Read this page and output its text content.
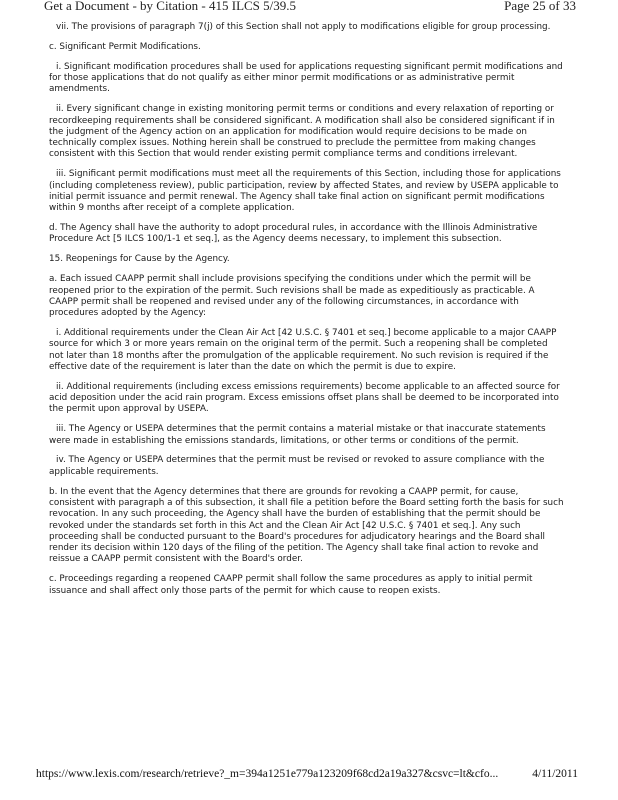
Get a Document - by Citation - 415 ILCS 5/39.5	Page 25 of 33

vii. The provisions of paragraph 7(j) of this Section shall not apply to modifications eligible for group processing.

c. Significant Permit Modifications.

i. Significant modification procedures shall be used for applications requesting significant permit modifications and for those applications that do not qualify as either minor permit modifications or as administrative permit amendments.

ii. Every significant change in existing monitoring permit terms or conditions and every relaxation of reporting or recordkeeping requirements shall be considered significant. A modification shall also be considered significant if in the judgment of the Agency action on an application for modification would require decisions to be made on technically complex issues. Nothing herein shall be construed to preclude the permittee from making changes consistent with this Section that would render existing permit compliance terms and conditions irrelevant.

iii. Significant permit modifications must meet all the requirements of this Section, including those for applications (including completeness review), public participation, review by affected States, and review by USEPA applicable to initial permit issuance and permit renewal. The Agency shall take final action on significant permit modifications within 9 months after receipt of a complete application.

d. The Agency shall have the authority to adopt procedural rules, in accordance with the Illinois Administrative Procedure Act [5 ILCS 100/1-1 et seq.], as the Agency deems necessary, to implement this subsection.

15. Reopenings for Cause by the Agency.

a. Each issued CAAPP permit shall include provisions specifying the conditions under which the permit will be reopened prior to the expiration of the permit. Such revisions shall be made as expeditiously as practicable. A CAAPP permit shall be reopened and revised under any of the following circumstances, in accordance with procedures adopted by the Agency:

i. Additional requirements under the Clean Air Act [42 U.S.C. § 7401 et seq.] become applicable to a major CAAPP source for which 3 or more years remain on the original term of the permit. Such a reopening shall be completed not later than 18 months after the promulgation of the applicable requirement. No such revision is required if the effective date of the requirement is later than the date on which the permit is due to expire.

ii. Additional requirements (including excess emissions requirements) become applicable to an affected source for acid deposition under the acid rain program. Excess emissions offset plans shall be deemed to be incorporated into the permit upon approval by USEPA.

iii. The Agency or USEPA determines that the permit contains a material mistake or that inaccurate statements were made in establishing the emissions standards, limitations, or other terms or conditions of the permit.

iv. The Agency or USEPA determines that the permit must be revised or revoked to assure compliance with the applicable requirements.

b. In the event that the Agency determines that there are grounds for revoking a CAAPP permit, for cause, consistent with paragraph a of this subsection, it shall file a petition before the Board setting forth the basis for such revocation. In any such proceeding, the Agency shall have the burden of establishing that the permit should be revoked under the standards set forth in this Act and the Clean Air Act [42 U.S.C. § 7401 et seq.]. Any such proceeding shall be conducted pursuant to the Board's procedures for adjudicatory hearings and the Board shall render its decision within 120 days of the filing of the petition. The Agency shall take final action to revoke and reissue a CAAPP permit consistent with the Board's order.

c. Proceedings regarding a reopened CAAPP permit shall follow the same procedures as apply to initial permit issuance and shall affect only those parts of the permit for which cause to reopen exists.

https://www.lexis.com/research/retrieve?_m=394a1251e779a123209f68cd2a19a327&csvc=lt&cfo...	4/11/2011
